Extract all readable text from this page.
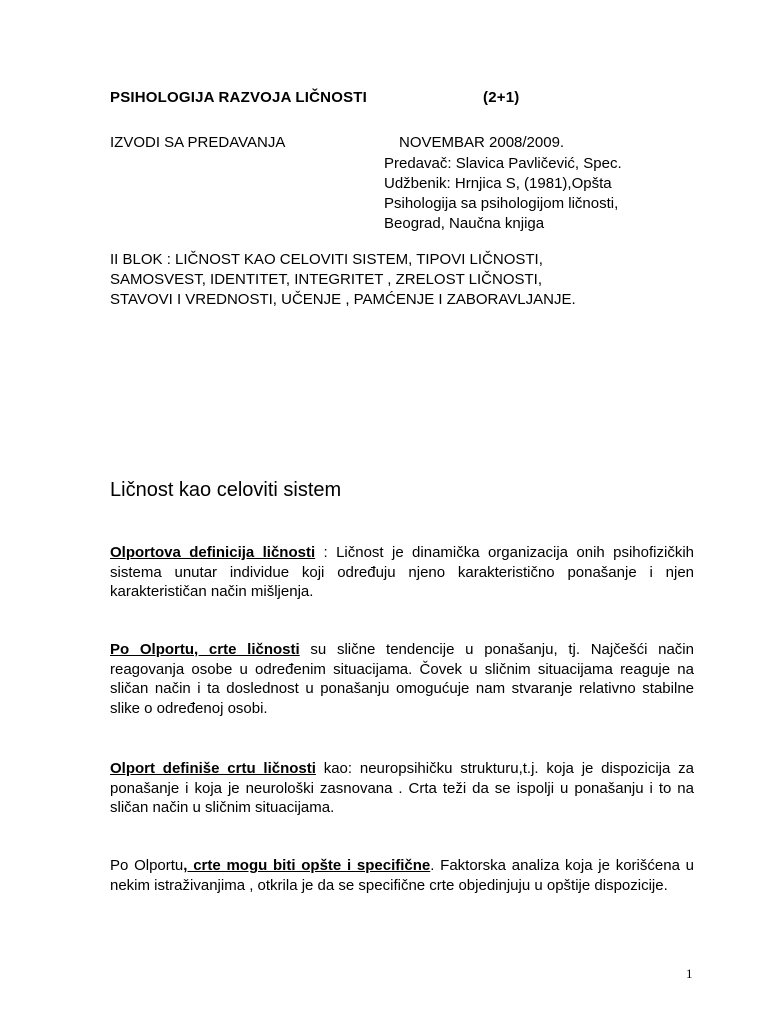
PSIHOLOGIJA RAZVOJA LIČNOSTI	(2+1)
IZVODI SA PREDAVANJA	NOVEMBAR 2008/2009.
Predavač: Slavica Pavličević, Spec.
Udžbenik: Hrnjica S, (1981),Opšta
Psihologija sa psihologijom ličnosti,
Beograd, Naučna knjiga
II BLOK : LIČNOST KAO CELOVITI SISTEM, TIPOVI LIČNOSTI,
SAMOSVEST, IDENTITET, INTEGRITET , ZRELOST LIČNOSTI,
STAVOVI I VREDNOSTI, UČENJE , PAMĆENJE I ZABORAVLJANJE.
Ličnost kao celoviti sistem
Olportova definicija ličnosti : Ličnost je dinamička organizacija onih psihofizičkih sistema unutar individue koji određuju njeno karakteristično ponašanje i njen karakterističan način mišljenja.
Po Olportu, crte ličnosti su slične tendencije u ponašanju, tj. Najčešći način reagovanja osobe u određenim situacijama. Čovek u sličnim situacijama reaguje na sličan način i ta doslednost u ponašanju omogućuje nam stvaranje relativno stabilne slike o određenoj osobi.
Olport definiše crtu ličnosti kao: neuropsihičku strukturu,t.j. koja je dispozicija za ponašanje i koja je neurološki zasnovana . Crta teži da se ispolji u ponašanju i to na sličan način u sličnim situacijama.
Po Olportu, crte mogu biti opšte i specifične. Faktorska analiza koja je korišćena u nekim istraživanjima , otkrila je da se specifične crte objedinjuju u opštije dispozicije.
1
